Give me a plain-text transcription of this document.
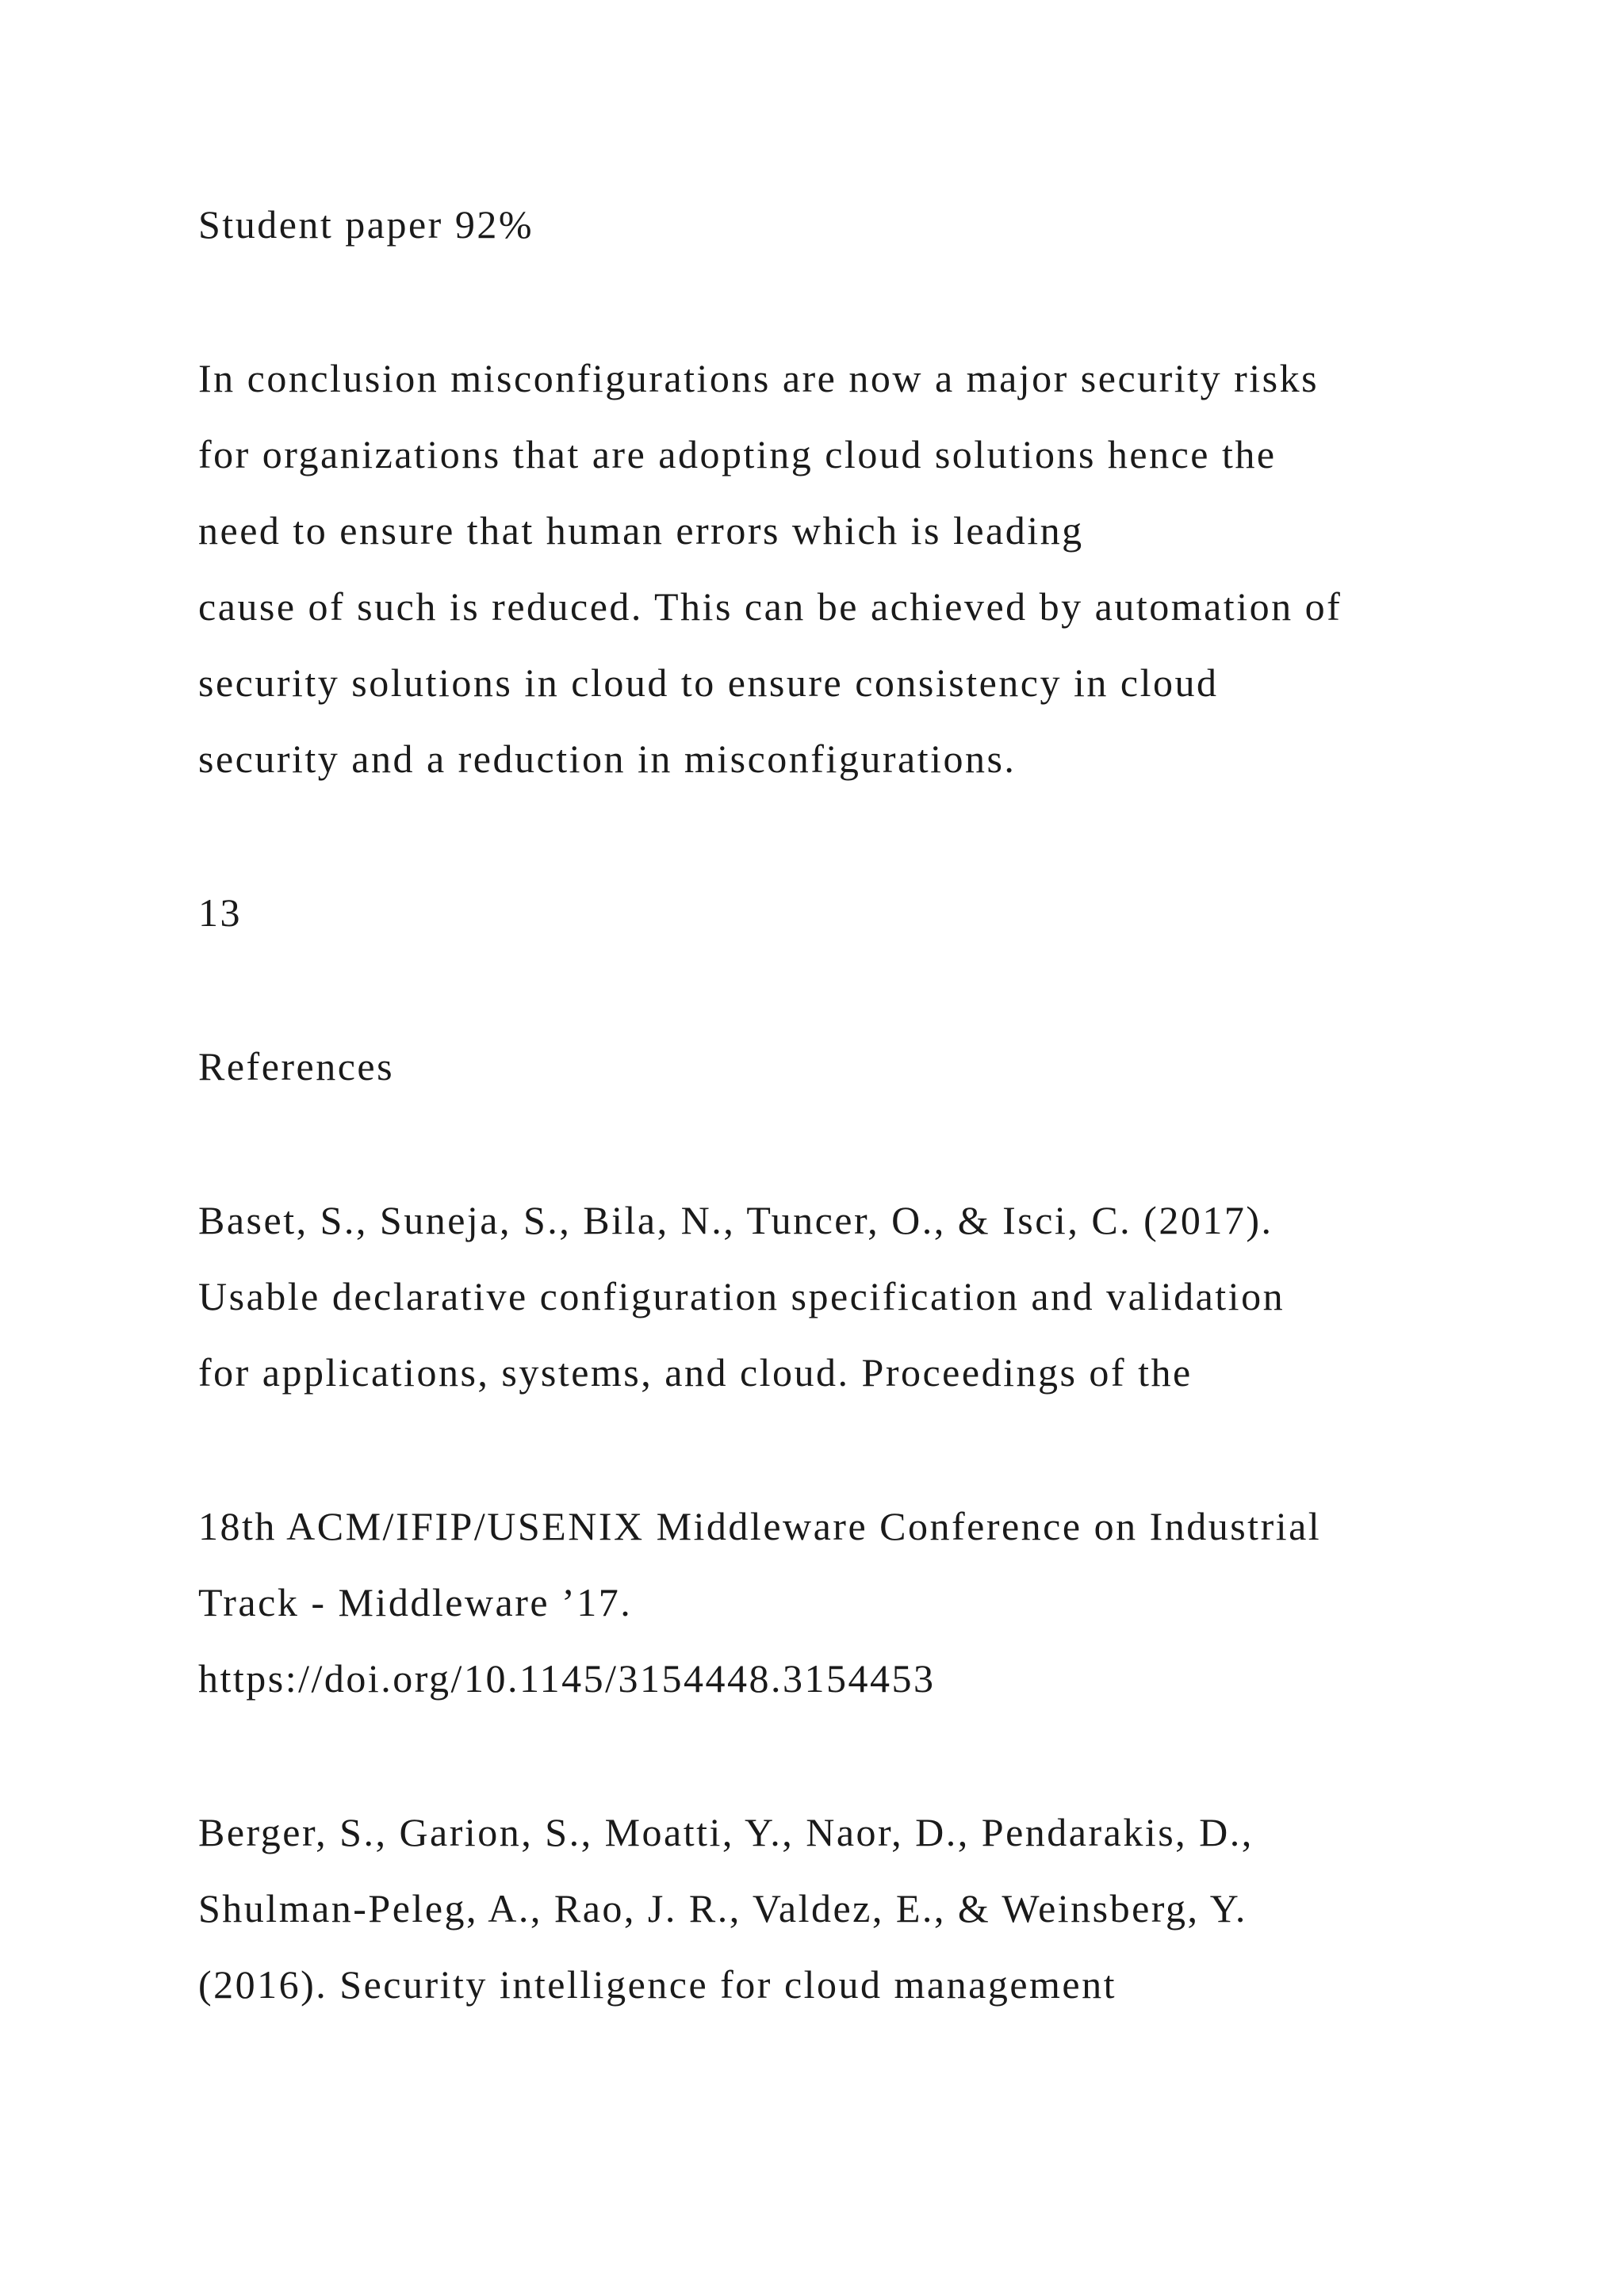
Student paper 92%
In conclusion misconfigurations are now a major security risks
for organizations that are adopting cloud solutions hence the
need to ensure that human errors which is leading
cause of such is reduced. This can be achieved by automation of
security solutions in cloud to ensure consistency in cloud
security and a reduction in misconfigurations.
13
References
Baset, S., Suneja, S., Bila, N., Tuncer, O., & Isci, C. (2017).
Usable declarative configuration specification and validation
for applications, systems, and cloud. Proceedings of the
18th ACM/IFIP/USENIX Middleware Conference on Industrial
Track - Middleware ’17.
https://doi.org/10.1145/3154448.3154453
Berger, S., Garion, S., Moatti, Y., Naor, D., Pendarakis, D.,
Shulman-Peleg, A., Rao, J. R., Valdez, E., & Weinsberg, Y.
(2016). Security intelligence for cloud management
